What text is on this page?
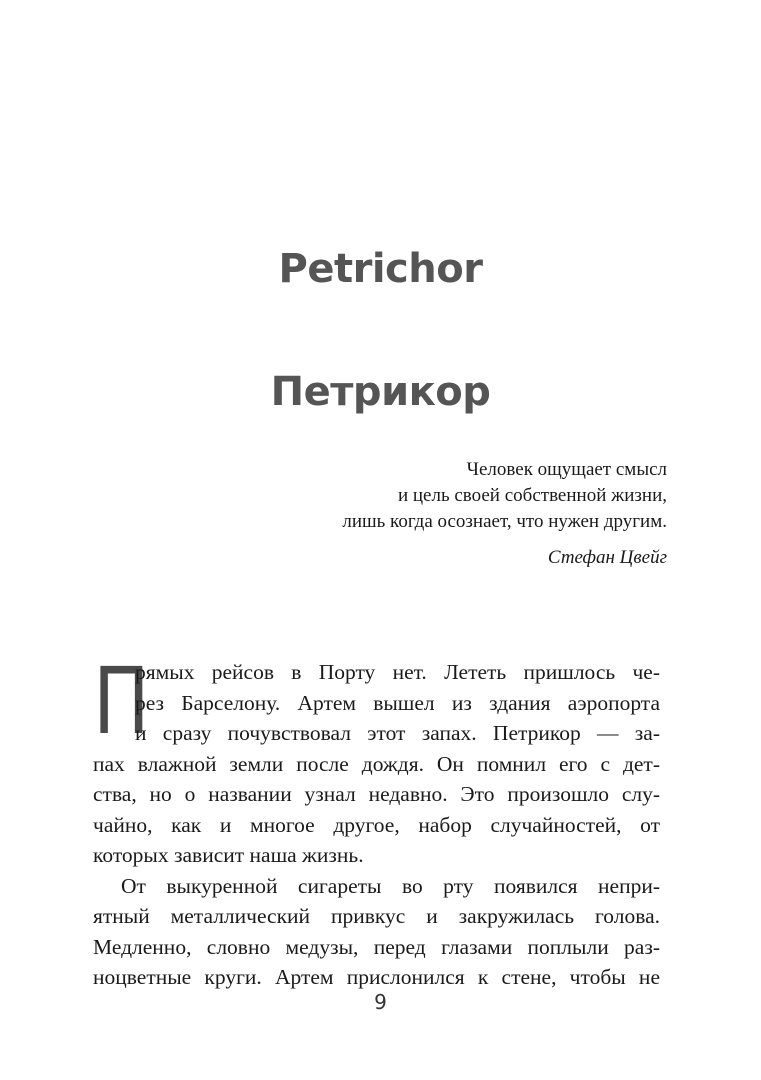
Petrichor
Петрикор
Человек ощущает смысл
и цель своей собственной жизни,
лишь когда осознает, что нужен другим.
Стефан Цвейг
П
рямых рейсов в Порту нет. Лететь пришлось че-
рез Барселону. Артем вышел из здания аэропорта
и сразу почувствовал этот запах. Петрикор — за-
пах влажной земли после дождя. Он помнил его с дет-
ства, но о названии узнал недавно. Это произошло слу-
чайно, как и многое другое, набор случайностей, от
которых зависит наша жизнь.
От выкуренной сигареты во рту появился непри-
ятный металлический привкус и закружилась голова.
Медленно, словно медузы, перед глазами поплыли раз-
ноцветные круги. Артем прислонился к стене, чтобы не
9
